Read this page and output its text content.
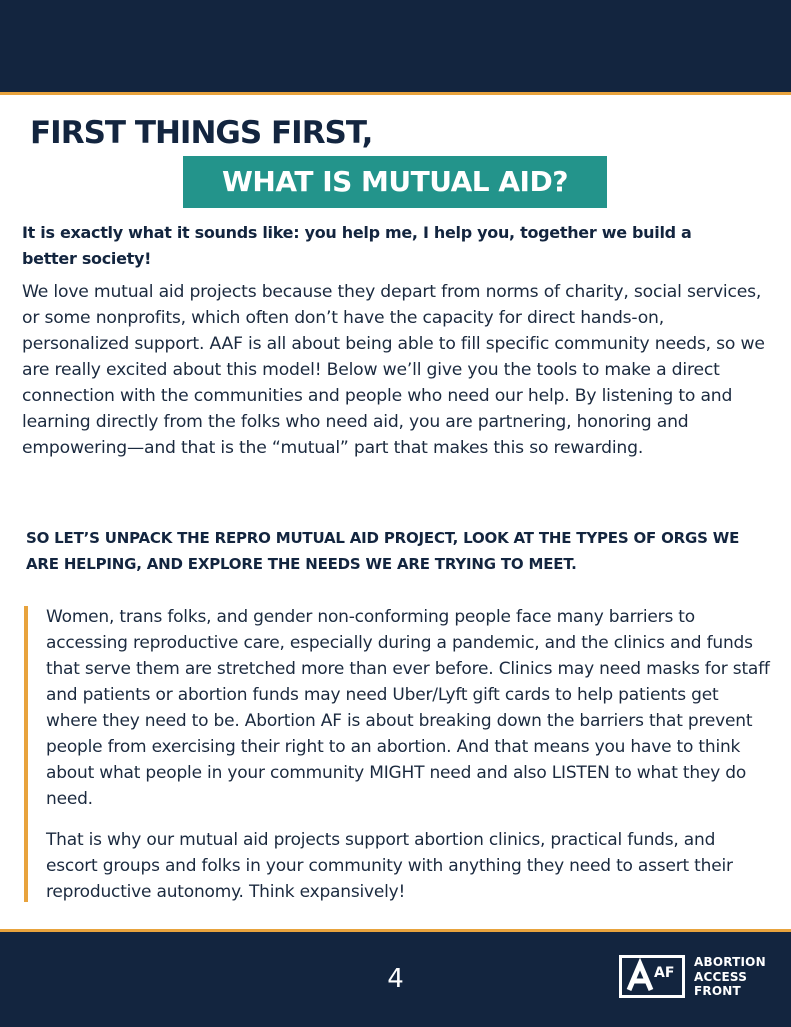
FIRST THINGS FIRST,
WHAT IS MUTUAL AID?
It is exactly what it sounds like: you help me, I help you, together we build a better society!

We love mutual aid projects because they depart from norms of charity, social services, or some nonprofits, which often don’t have the capacity for direct hands-on, personalized support. AAF is all about being able to fill specific community needs, so we are really excited about this model! Below we’ll give you the tools to make a direct connection with the communities and people who need our help. By listening to and learning directly from the folks who need aid, you are partnering, honoring and empowering—and that is the “mutual” part that makes this so rewarding.

SO LET’S UNPACK THE REPRO MUTUAL AID PROJECT, LOOK AT THE TYPES OF ORGS WE ARE HELPING, AND EXPLORE THE NEEDS WE ARE TRYING TO MEET.

Women, trans folks, and gender non-conforming people face many barriers to accessing reproductive care, especially during a pandemic, and the clinics and funds that serve them are stretched more than ever before. Clinics may need masks for staff and patients or abortion funds may need Uber/Lyft gift cards to help patients get where they need to be. Abortion AF is about breaking down the barriers that prevent people from exercising their right to an abortion. And that means you have to think about what people in your community MIGHT need and also LISTEN to what they do need.

That is why our mutual aid projects support abortion clinics, practical funds, and escort groups and folks in your community with anything they need to assert their reproductive autonomy. Think expansively!

4	AF
ABORTION
ACCESS
FRONT
